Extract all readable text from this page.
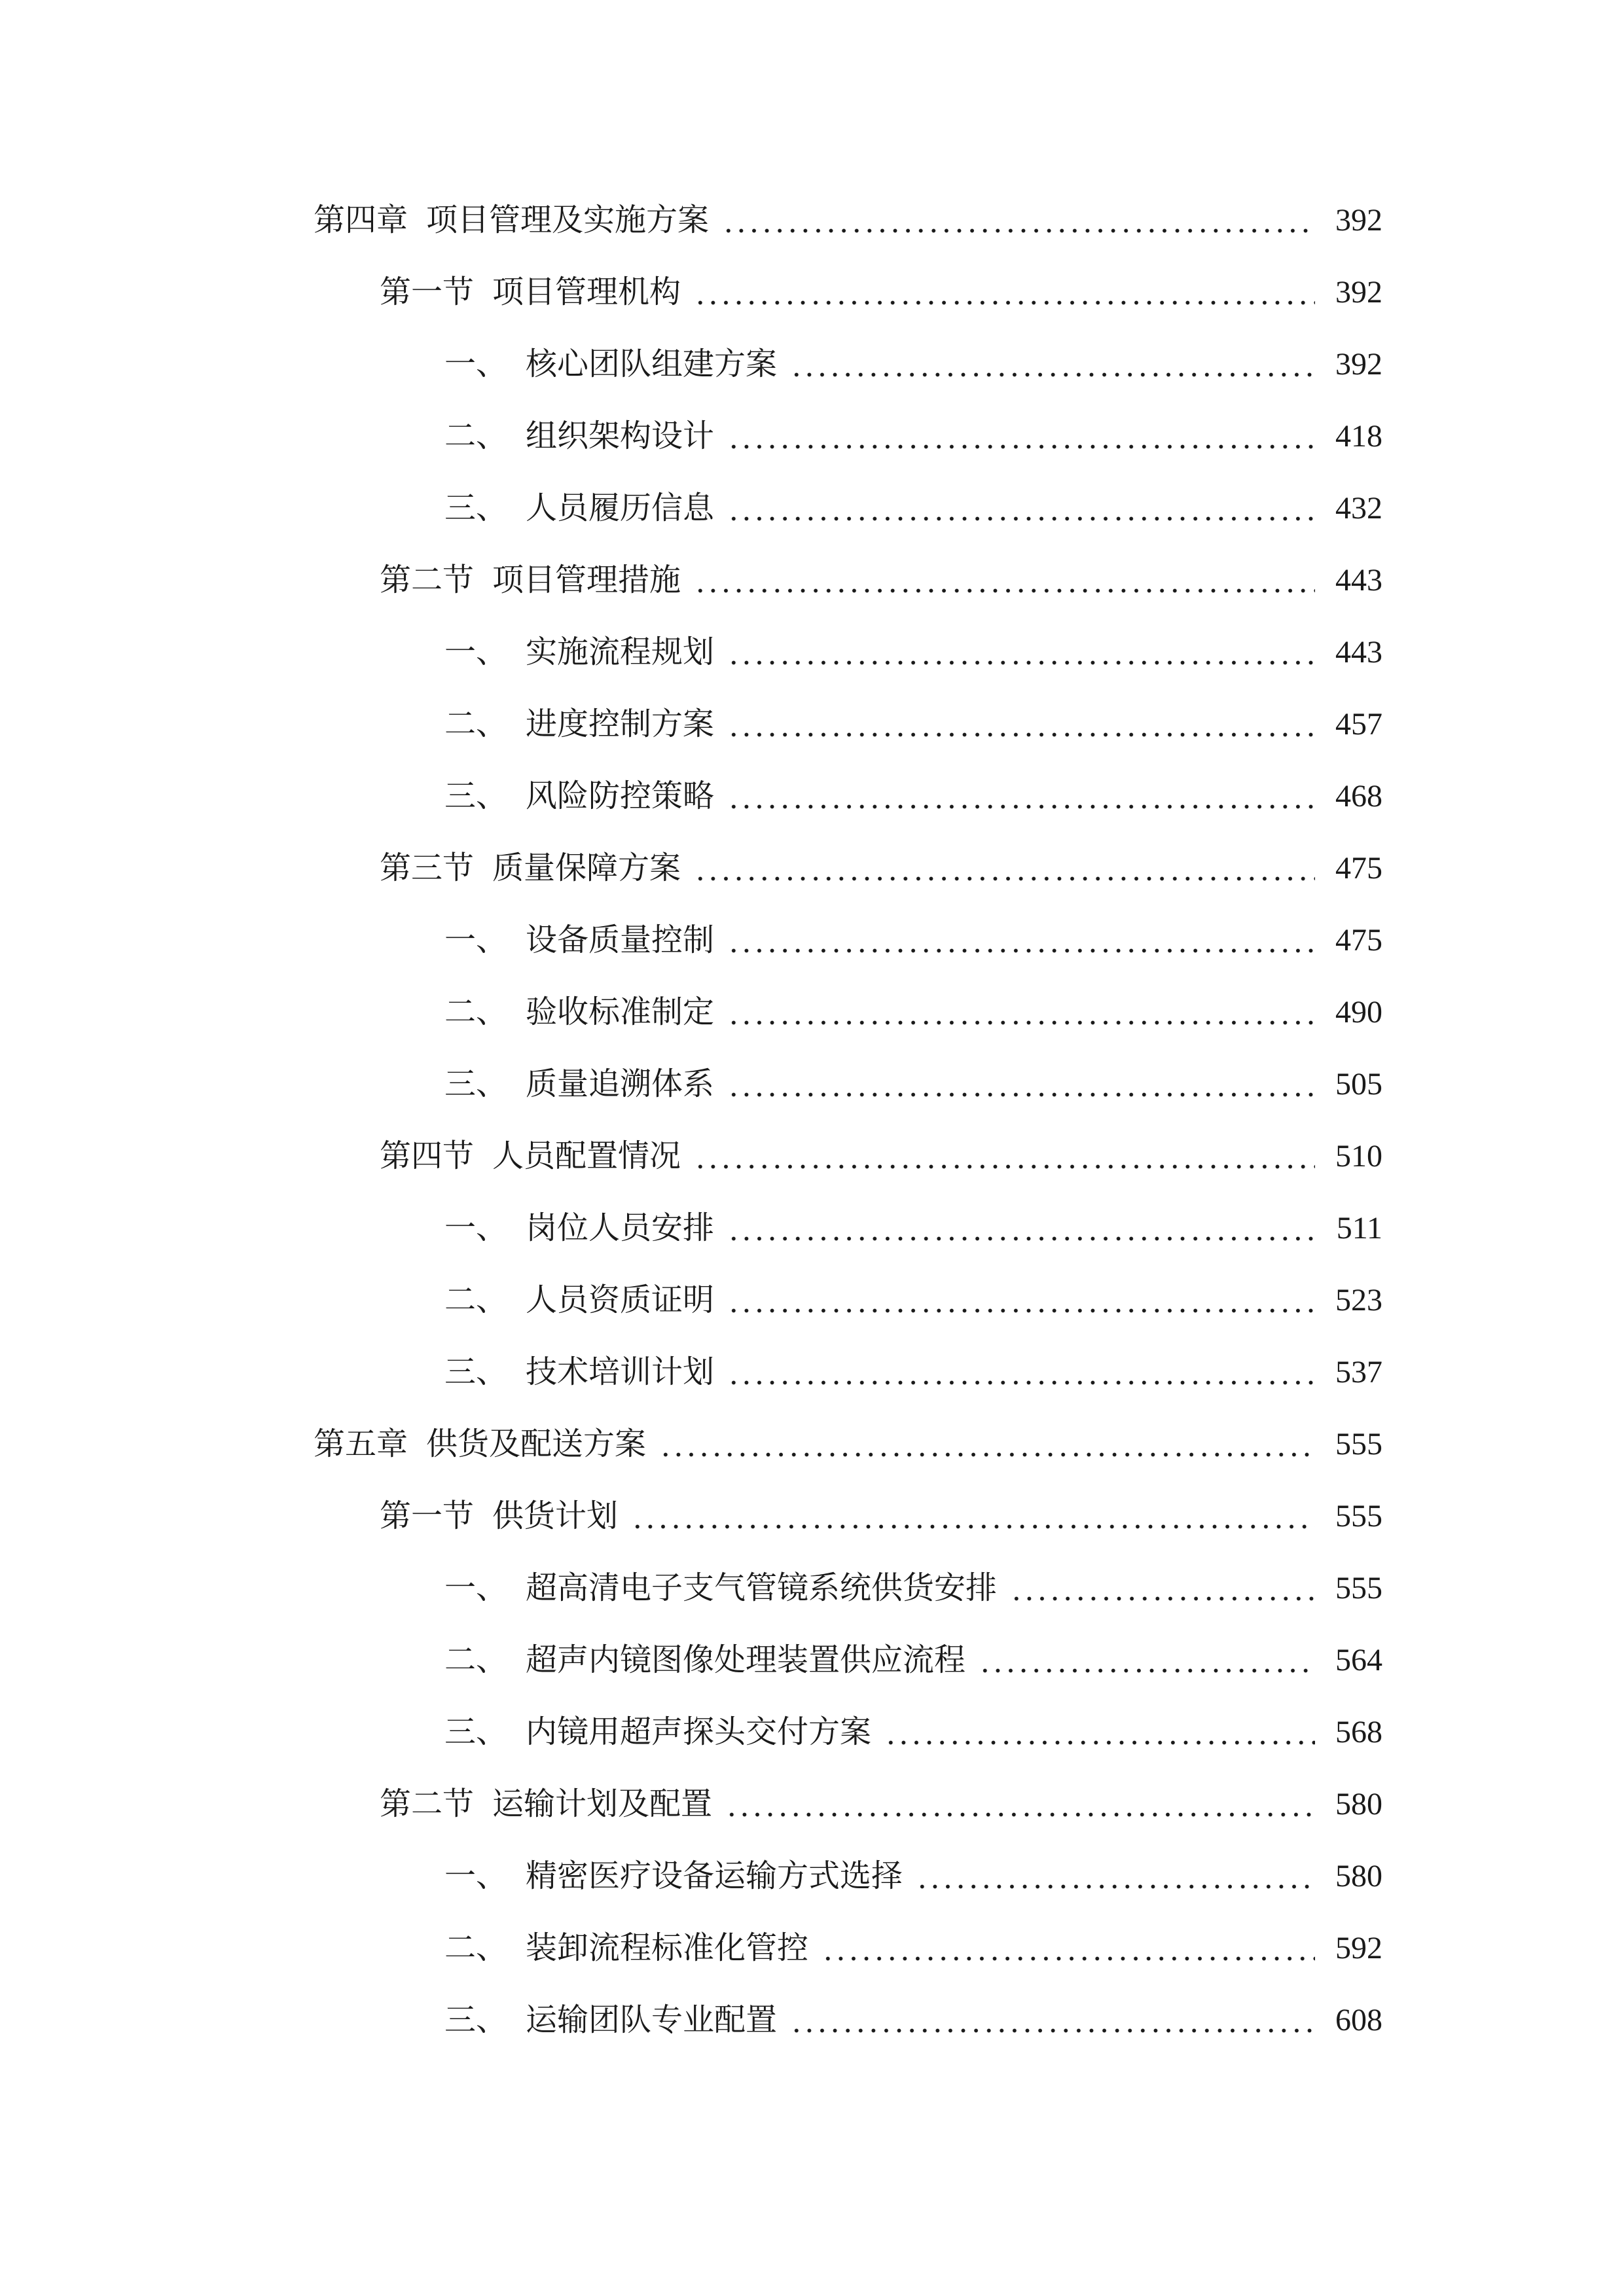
第四章 项目管理及实施方案	392
第一节 项目管理机构	392
一、 核心团队组建方案	392
二、 组织架构设计	418
三、 人员履历信息	432
第二节 项目管理措施	443
一、 实施流程规划	443
二、 进度控制方案	457
三、 风险防控策略	468
第三节 质量保障方案	475
一、 设备质量控制	475
二、 验收标准制定	490
三、 质量追溯体系	505
第四节 人员配置情况	510
一、 岗位人员安排	511
二、 人员资质证明	523
三、 技术培训计划	537
第五章 供货及配送方案	555
第一节 供货计划	555
一、 超高清电子支气管镜系统供货安排	555
二、 超声内镜图像处理装置供应流程	564
三、 内镜用超声探头交付方案	568
第二节 运输计划及配置	580
一、 精密医疗设备运输方式选择	580
二、 装卸流程标准化管控	592
三、 运输团队专业配置	608
